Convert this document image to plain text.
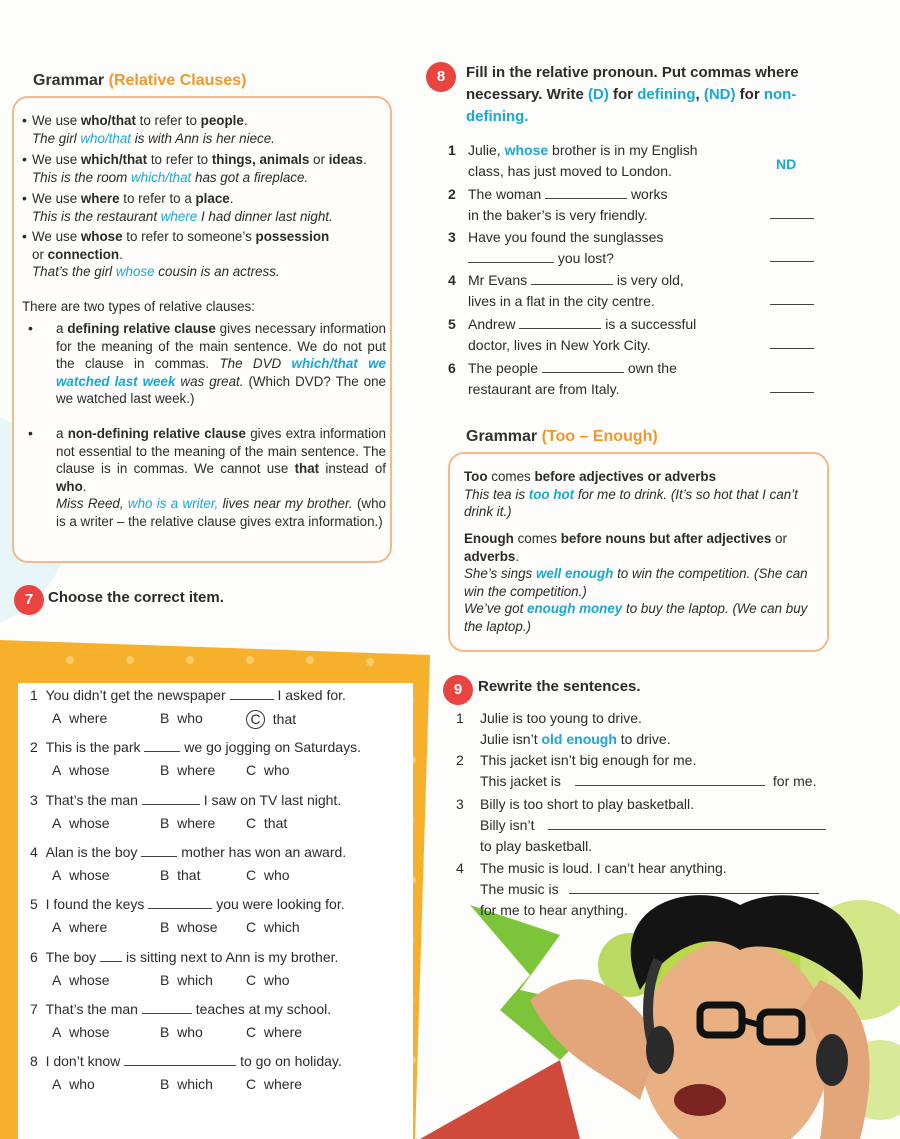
Grammar (Relative Clauses)
• We use who/that to refer to people.
The girl who/that is with Ann is her niece.
• We use which/that to refer to things, animals or ideas.
This is the room which/that has got a fireplace.
• We use where to refer to a place.
This is the restaurant where I had dinner last night.
• We use whose to refer to someone’s possession
or connection.
That’s the girl whose cousin is an actress.
There are two types of relative clauses:
• a defining relative clause gives necessary information for the meaning of the main sentence. We do not put the clause in commas. The DVD which/that we watched last week was great. (Which DVD? The one we watched last week.)
• a non-defining relative clause gives extra information not essential to the meaning of the main sentence. The clause is in commas. We cannot use that instead of who.
Miss Reed, who is a writer, lives near my brother. (who is a writer – the relative clause gives extra information.)
7 Choose the correct item.
1 You didn’t get the newspaper	I asked for.
A where	B who	C that
2 This is the park	we go jogging on Saturdays.
A whose	B where C who
3 That’s the man	I saw on TV last night.
A whose	B where C that
4 Alan is the boy	mother has won an award.
A whose	B that	C who
5 I found the keys	you were looking for.
A where	B whose C which
6 The boy is sitting next to Ann is my brother.
A whose	B which C who
7 That’s the man	teaches at my school.
A whose	B who	C where
8 I don’t know	to go on holiday.
A who	B which C where
8	Fill in the relative pronoun. Put commas where
necessary. Write (D) for defining, (ND) for non-
defining.
1 Julie, whose brother is in my English
class, has just moved to London.	ND
2 The woman	works
in the baker’s is very friendly.
3 Have you found the sunglasses
you lost?
4 Mr Evans	is very old,
lives in a flat in the city centre.
5 Andrew	is a successful
doctor, lives in New York City.
6 The people	own the
restaurant are from Italy.
Grammar (Too – Enough)
Too comes before adjectives or adverbs
This tea is too hot for me to drink. (It’s so hot that I can’t drink it.)
Enough comes before nouns but after adjectives or adverbs.
She’s sings well enough to win the competition. (She can win the competition.)
We’ve got enough money to buy the laptop. (We can buy the laptop.)
9	Rewrite the sentences.
1 Julie is too young to drive.
Julie isn’t old enough to drive.
2 This jacket isn’t big enough for me.
This jacket is	for me.
3 Billy is too short to play basketball.
Billy isn’t
to play basketball.
4 The music is loud. I can’t hear anything.
The music is
for me to hear anything.
